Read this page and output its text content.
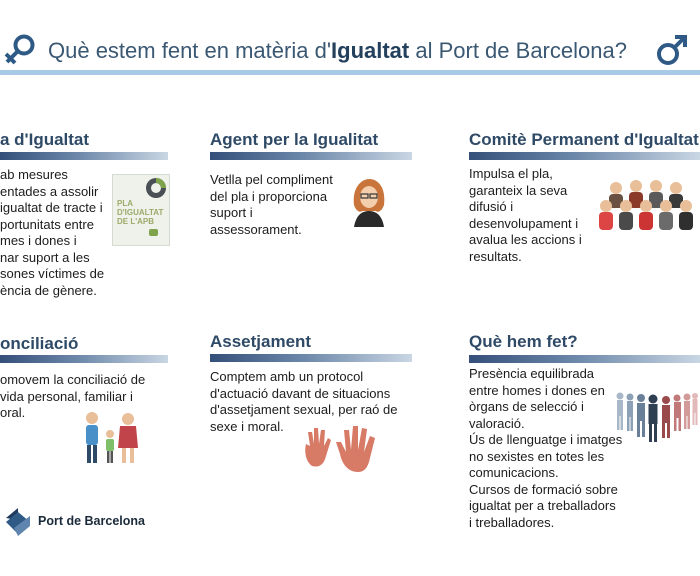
Què estem fent en matèria d'Igualtat al Port de Barcelona?
a d'Igualtat
ab mesures
entades a assolir
igualtat de tracte i
portunitats entre
mes i dones i
nar suport a les
sones víctimes de
ència de gènere.
PLA
D'IGUALTAT
DE L'APB
Agent per la Igualitat
Vetlla pel compliment
del pla i proporciona
suport i
assessorament.
Comitè Permanent d'Igualtat
Impulsa el pla,
garanteix la seva
difusió i
desenvolupament i
avalua les accions i
resultats.
onciliació
omovem la conciliació de
vida personal, familiar i
oral.
Assetjament
Comptem amb un protocol
d'actuació davant de situacions
d'assetjament sexual, per raó de
sexe i moral.
Què hem fet?
Presència equilibrada
entre homes i dones en
òrgans de selecció i
valoració.
Ús de llenguatge i imatges
no sexistes en totes les
comunicacions.
Cursos de formació sobre
igualtat per a treballadors
i treballadores.
Port de Barcelona
